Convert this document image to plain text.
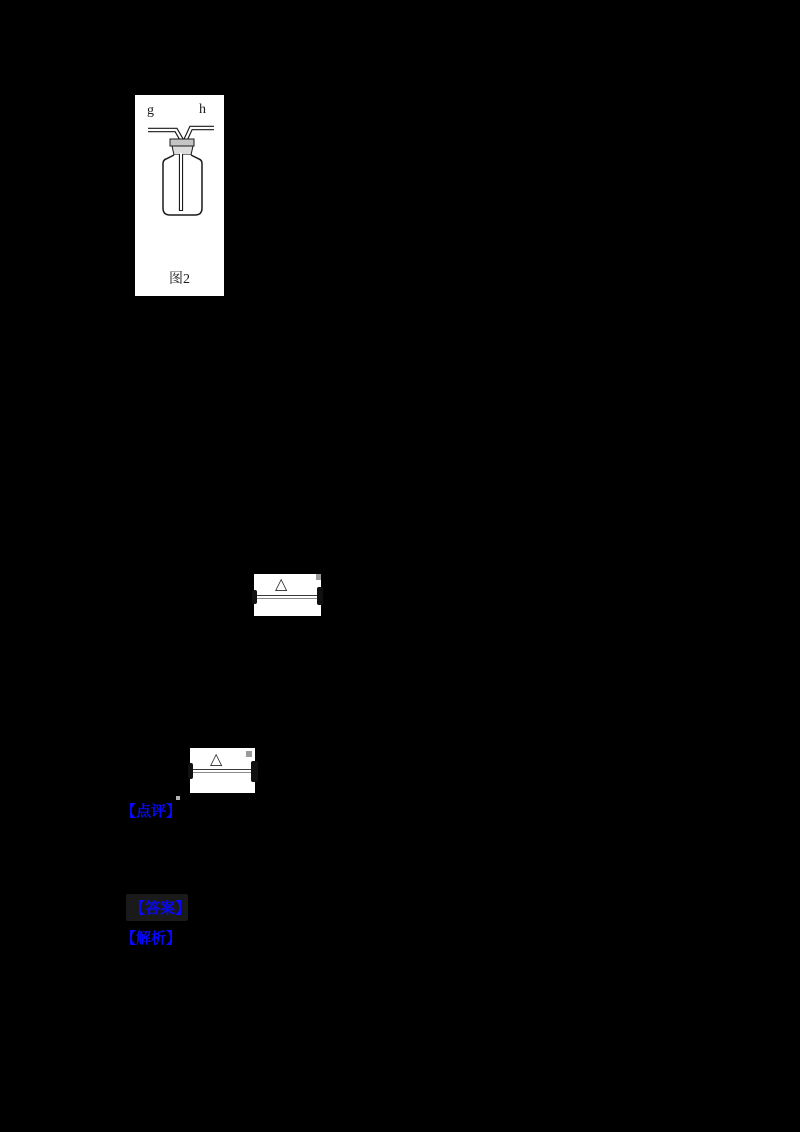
g	h
图2
△
△
【点评】
【答案】
【解析】
